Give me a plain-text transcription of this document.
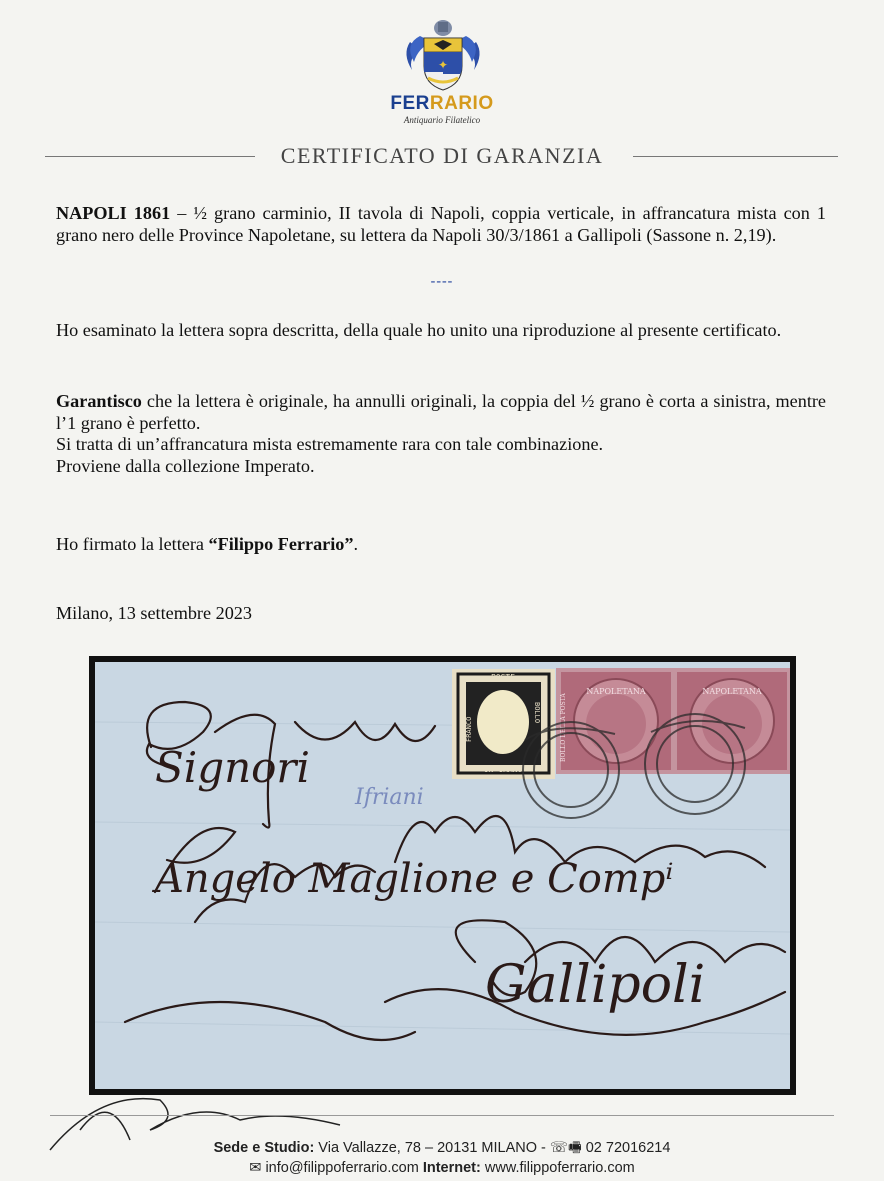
✦
FERRARIO
Antiquario Filatelico
CERTIFICATO DI GARANZIA
NAPOLI 1861 – ½ grano carminio, II tavola di Napoli, coppia verticale, in affrancatura mista con 1 grano nero delle Province Napoletane, su lettera da Napoli 30/3/1861 a Gallipoli (Sassone n. 2,19).
----
Ho esaminato la lettera sopra descritta, della quale ho unito una riproduzione al presente certificato.
Garantisco che la lettera è originale, ha annulli originali, la coppia del ½ grano è corta a sinistra, mentre l’1 grano è perfetto.
Si tratta di un’affrancatura mista estremamente rara con tale combinazione.
Proviene dalla collezione Imperato.
Ho firmato la lettera “Filippo Ferrario”.
Milano, 13 settembre 2023
POSTE
UN GRANO
FRANCO
BOLLO
NAPOLETANA	NAPOLETANA
BOLLO DELLA POSTA
Ifriani
Signori
Angelo Maglione e Compⁱ
Gallipoli
Sede e Studio: Via Vallazze, 78 – 20131 MILANO - ☏🖷 02 72016214
✉ info@filippoferrario.com Internet: www.filippoferrario.com
